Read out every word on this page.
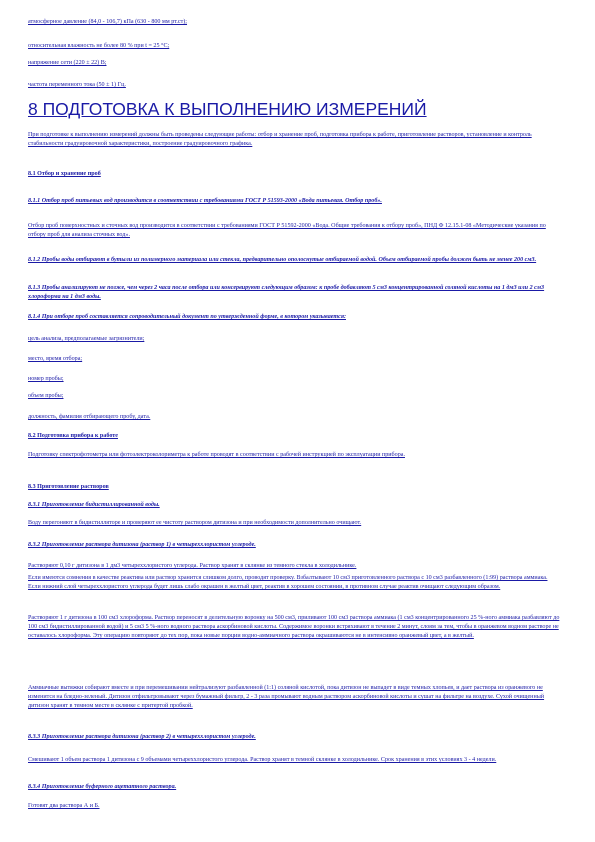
атмосферное давление (84,0 - 106,7) кПа (630 - 800 мм рт.ст);
относительная влажность не более 80 % при t = 25 °С;
напряжение сети (220 ± 22) В;
частота переменного тока (50 ± 1) Гц.
8 ПОДГОТОВКА К ВЫПОЛНЕНИЮ ИЗМЕРЕНИЙ
При подготовке к выполнению измерений должны быть проведены следующие работы: отбор и хранение проб, подготовка прибора к работе, приготовление растворов, установление и контроль стабильности градуировочной характеристики, построение градуировочного графика.
8.1 Отбор и хранение проб
8.1.1 Отбор проб питьевых вод производится в соответствии с требованиями ГОСТ Р 51593-2000 «Вода питьевая. Отбор проб».
Отбор проб поверхностных и сточных вод производится в соответствии с требованиями ГОСТ Р 51592-2000 «Вода. Общие требования к отбору проб», ПНД Ф 12.15.1-08 «Методические указания по отбору проб для анализа сточных вод».
8.1.2 Пробы воды отбирают в бутыли из полимерного материала или стекла, предварительно ополоснутые отбираемой водой. Объем отбираемой пробы должен быть не менее 200 см3.
8.1.3 Пробы анализируют не позже, чем через 2 часа после отбора или консервируют следующим образом: к пробе добавляют 5 см3 концентрированной соляной кислоты на 1 дм3 или 2 см3 хлороформа на 1 дм3 воды.
8.1.4 При отборе проб составляется сопроводительный документ по утвержденной форме, в котором указывается:
цель анализа, предполагаемые загрязнители;
место, время отбора;
номер пробы;
объем пробы;
должность, фамилия отбирающего пробу, дата.
8.2 Подготовка прибора к работе
Подготовку спектрофотометра или фотоэлектроколориметра к работе проводят в соответствии с рабочей инструкцией по эксплуатации прибора.
8.3 Приготовление растворов
8.3.1 Приготовление бидистиллированной воды.
Воду перегоняют в бидистилляторе и проверяют ее чистоту раствором дитизона и при необходимости дополнительно очищают.
8.3.2 Приготовление раствора дитизона (раствор 1) в четыреххлористом углероде.
Растворяют 0,10 г дитизона в 1 дм3 четыреххлористого углерода. Раствор хранят в склянке из темного стекла в холодильнике.
Если имеются сомнения в качестве реактива или раствор хранится слишком долго, проводят проверку. Взбалтывают 10 см3 приготовленного раствора с 10 см3 разбавленного (1:99) раствора аммиака. Если нижний слой четыреххлористого углерода будет лишь слабо окрашен в желтый цвет, реактив в хорошем состоянии, в противном случае реактив очищают следующим образом.
Растворяют 1 г дитизона в 100 см3 хлороформа. Раствор переносят в делительную воронку на 500 см3, приливают 100 см3 раствора аммиака (1 см3 концентрированного 25 %-ного аммиака разбавляют до 100 см3 бидистиллированной водой) и 5 см3 5 %-ного водного раствора аскорбиновой кислоты. Содержимое воронки встряхивают в течение 2 минут, слоям за тем, чтобы в оранжевом водном растворе не оставалось хлороформа. Эту операцию повторяют до тех пор, пока новые порции водно-аммиачного раствора окрашиваются не в интенсивно оранжевый цвет, а в желтый.
Аммиачные вытяжки собирают вместе и при перемешивании нейтрализуют разбавленной (1:1) соляной кислотой, пока дитизон не выпадет в виде темных хлопьев, и дает раствора из оранжевого не изменится на бледно-зеленый. Дитизон отфильтровывают через бумажный фильтр, 2 - 3 раза промывают водным раствором аскорбиновой кислоты и сушат на фильтре на воздухе. Сухой очищенный дитизон хранят в темном месте в склянке с притертой пробкой.
8.3.3 Приготовление раствора дитизона (раствор 2) в четыреххлористом углероде.
Смешивают 1 объем раствора 1 дитизона с 9 объемами четыреххлористого углерода. Раствор хранят в темной склянке в холодильнике. Срок хранения в этих условиях 3 - 4 недели.
8.3.4 Приготовление буферного ацетатного раствора.
Готовят два раствора А и Б.
